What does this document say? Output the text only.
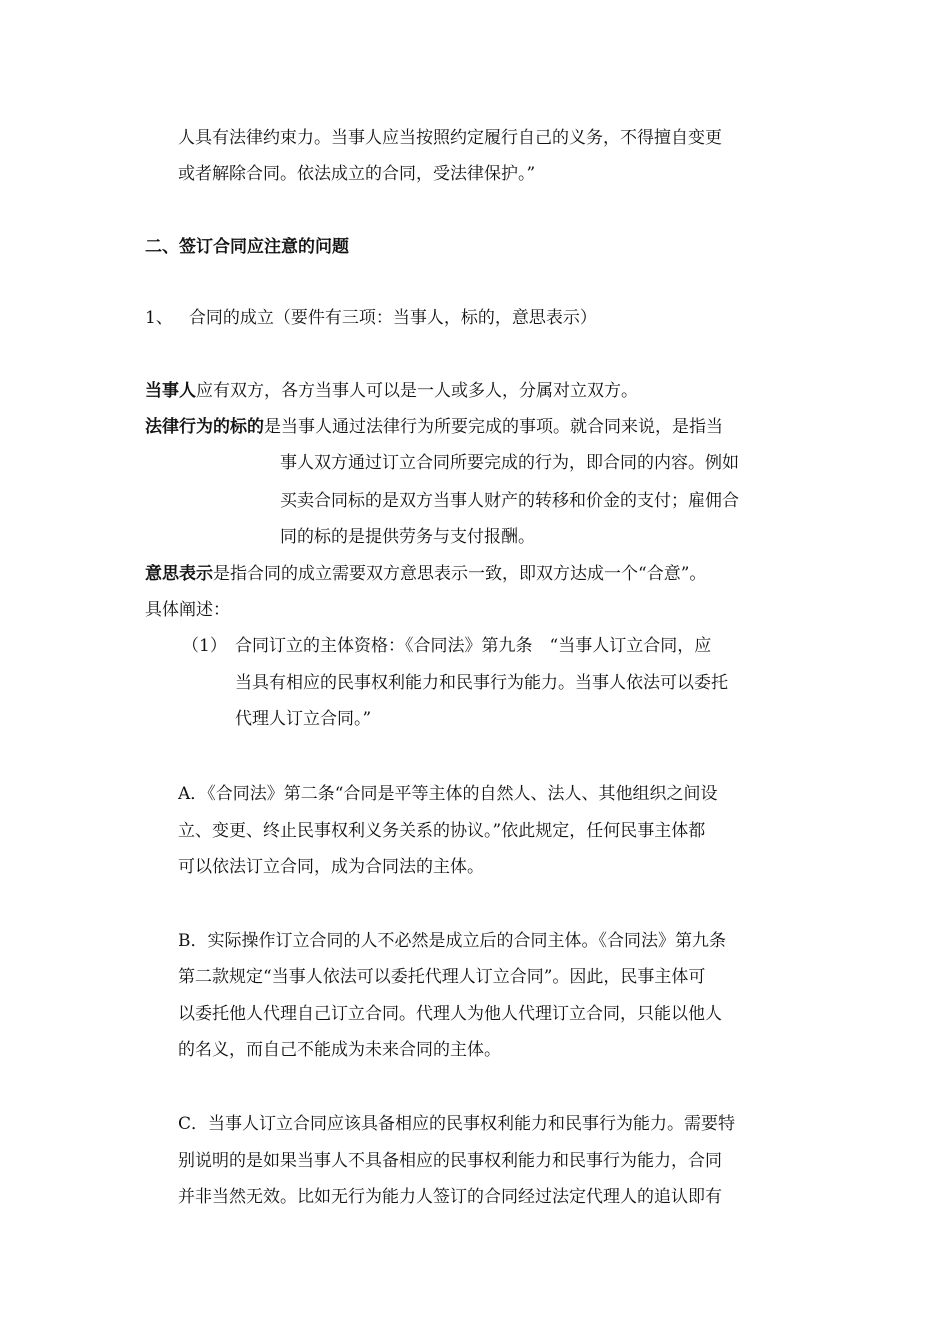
人具有法律约束力。当事人应当按照约定履行自己的义务，不得擅自变更
或者解除合同。依法成立的合同，受法律保护。”
二、签订合同应注意的问题
1、 合同的成立（要件有三项：当事人，标的，意思表示）
当事人应有双方，各方当事人可以是一人或多人，分属对立双方。
法律行为的标的是当事人通过法律行为所要完成的事项。就合同来说，是指当
事人双方通过订立合同所要完成的行为，即合同的内容。例如
买卖合同标的是双方当事人财产的转移和价金的支付；雇佣合
同的标的是提供劳务与支付报酬。
意思表示是指合同的成立需要双方意思表示一致，即双方达成一个“合意”。
具体阐述：
（1） 合同订立的主体资格：《合同法》第九条　“当事人订立合同，应
当具有相应的民事权利能力和民事行为能力。当事人依法可以委托
代理人订立合同。”
A．《合同法》第二条“合同是平等主体的自然人、法人、其他组织之间设
立、变更、终止民事权利义务关系的协议。”依此规定，任何民事主体都
可以依法订立合同，成为合同法的主体。
B．实际操作订立合同的人不必然是成立后的合同主体。《合同法》第九条
第二款规定“当事人依法可以委托代理人订立合同”。因此，民事主体可
以委托他人代理自己订立合同。代理人为他人代理订立合同，只能以他人
的名义，而自己不能成为未来合同的主体。
C．当事人订立合同应该具备相应的民事权利能力和民事行为能力。需要特
别说明的是如果当事人不具备相应的民事权利能力和民事行为能力，合同
并非当然无效。比如无行为能力人签订的合同经过法定代理人的追认即有
